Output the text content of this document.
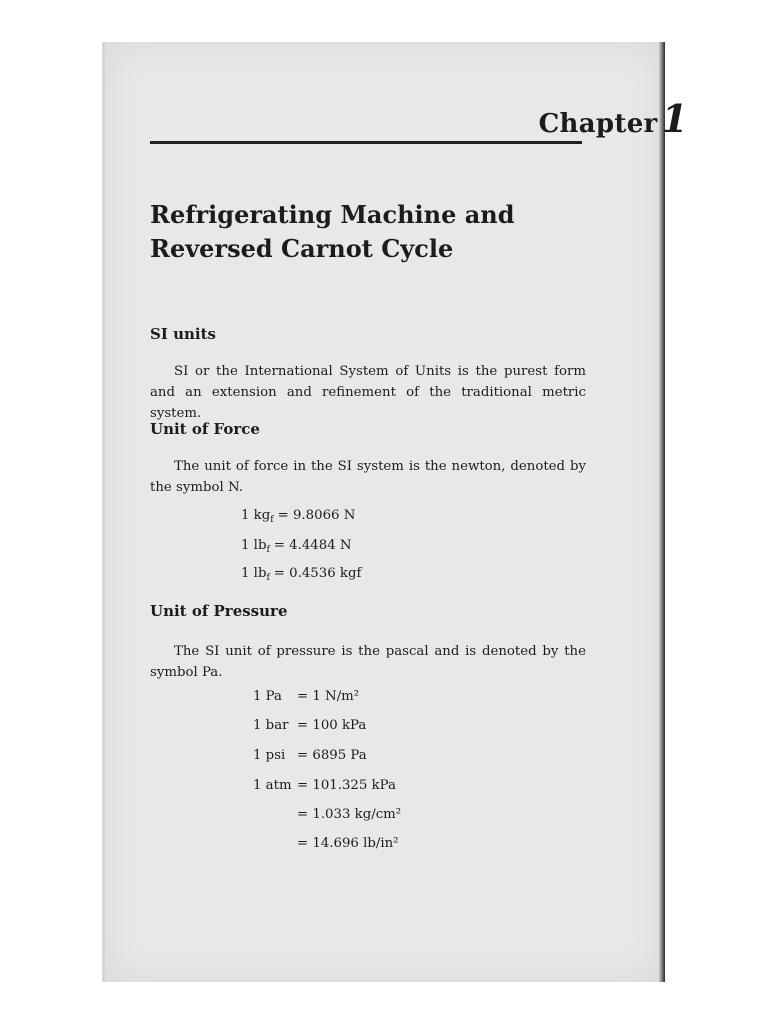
Chapter 1
Refrigerating Machine and
Reversed Carnot Cycle
SI units

SI or the International System of Units is the purest form and an extension and refinement of the traditional metric system.

Unit of Force

The unit of force in the SI system is the newton, denoted by the symbol N.

1 $kg_f = 9.8066$ N
1 $lb_f = 4.4484$ N
1 $lb_f = 0.4536$ kgf
Unit of Pressure

The SI unit of pressure is the pascal and is denoted by the symbol Pa.

1 Pa = 1 N/m²
1 bar = 100 kPa
1 psi = 6895 Pa
1 atm = 101.325 kPa
= 1.033 kg/cm²
= 14.696 lb/in²
